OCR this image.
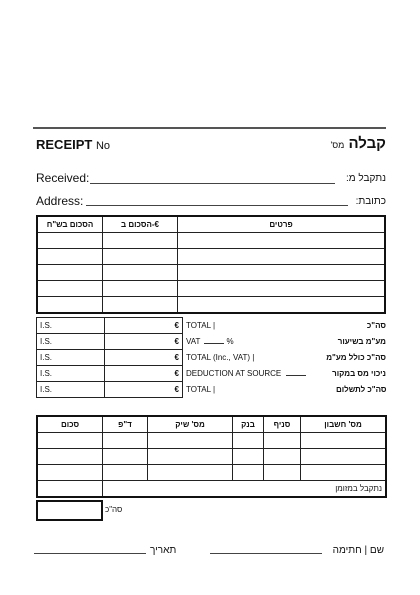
RECEIPT No	קבלה מס'
Received:	נתקבל מ:
Address:	כתובת:
הסכום בש"ח	הסכום ב-€	פרטים

I.S.	€	TOTAL | סה"כ

I.S.	€	VAT % מע"מ בשיעור

I.S.	€	TOTAL (Inc., VAT) | סה"כ כולל מע"מ

I.S.	€	DEDUCTION AT SOURCE ניכוי מס במקור

I.S.	€	TOTAL | סה"כ לתשלום
סכום	ד"פ	מס' שיק	בנק	סניף	מס' חשבון

	נתקבל במזומן				
סה"כ
תאריך	שם | חתימה
